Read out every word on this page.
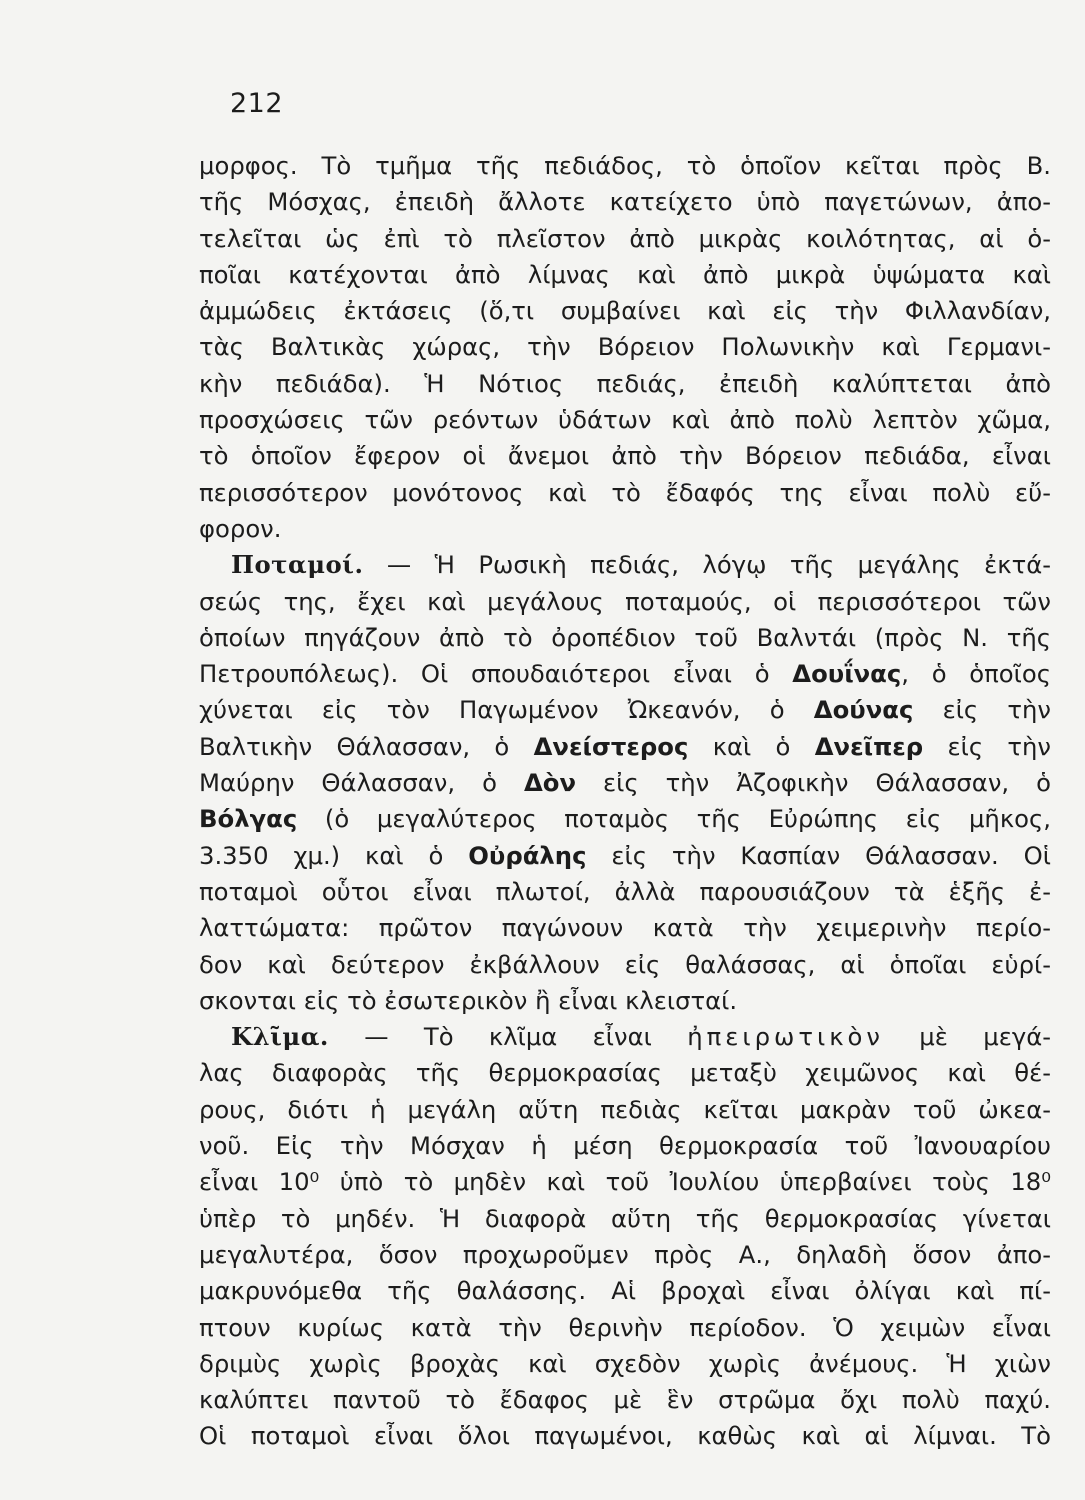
212
μορφος. Τὸ τμῆμα τῆς πεδιάδος, τὸ ὁποῖον κεῖται πρὸς Β.
τῆς Μόσχας, ἐπειδὴ ἄλλοτε κατείχετο ὑπὸ παγετώνων, ἀπο-
τελεῖται ὡς ἐπὶ τὸ πλεῖστον ἀπὸ μικρὰς κοιλότητας, αἱ ὁ-
ποῖαι κατέχονται ἀπὸ λίμνας καὶ ἀπὸ μικρὰ ὑψώματα καὶ
ἀμμώδεις ἐκτάσεις (ὅ,τι συμβαίνει καὶ εἰς τὴν Φιλλανδίαν,
τὰς Βαλτικὰς χώρας, τὴν Βόρειον Πολωνικὴν καὶ Γερμανι-
κὴν πεδιάδα). Ἡ Νότιος πεδιάς, ἐπειδὴ καλύπτεται ἀπὸ
προσχώσεις τῶν ρεόντων ὑδάτων καὶ ἀπὸ πολὺ λεπτὸν χῶμα,
τὸ ὁποῖον ἔφερον οἱ ἄνεμοι ἀπὸ τὴν Βόρειον πεδιάδα, εἶναι
περισσότερον μονότονος καὶ τὸ ἔδαφός της εἶναι πολὺ εὔ-
φορον.
Ποταμοί. — Ἡ Ρωσικὴ πεδιάς, λόγῳ τῆς μεγάλης ἐκτά-
σεώς της, ἔχει καὶ μεγάλους ποταμούς, οἱ περισσότεροι τῶν
ὁποίων πηγάζουν ἀπὸ τὸ ὀροπέδιον τοῦ Βαλντάι (πρὸς Ν. τῆς
Πετρουπόλεως). Οἱ σπουδαιότεροι εἶναι ὁ Δουΐνας, ὁ ὁποῖος
χύνεται εἰς τὸν Παγωμένον Ὠκεανόν, ὁ Δούνας εἰς τὴν
Βαλτικὴν Θάλασσαν, ὁ Δνείστερος καὶ ὁ Δνεῖπερ εἰς τὴν
Μαύρην Θάλασσαν, ὁ Δὸν εἰς τὴν Ἀζοφικὴν Θάλασσαν, ὁ
Βόλγας (ὁ μεγαλύτερος ποταμὸς τῆς Εὐρώπης εἰς μῆκος,
3.350 χμ.) καὶ ὁ Οὐράλης εἰς τὴν Κασπίαν Θάλασσαν. Οἱ
ποταμοὶ οὗτοι εἶναι πλωτοί, ἀλλὰ παρουσιάζουν τὰ ἑξῆς ἐ-
λαττώματα: πρῶτον παγώνουν κατὰ τὴν χειμερινὴν περίο-
δον καὶ δεύτερον ἐκβάλλουν εἰς θαλάσσας, αἱ ὁποῖαι εὑρί-
σκονται εἰς τὸ ἐσωτερικὸν ἢ εἶναι κλεισταί.
Κλῖμα. — Τὸ κλῖμα εἶναι ἠπειρωτικὸν μὲ μεγά-
λας διαφορὰς τῆς θερμοκρασίας μεταξὺ χειμῶνος καὶ θέ-
ρους, διότι ἡ μεγάλη αὕτη πεδιὰς κεῖται μακρὰν τοῦ ὠκεα-
νοῦ. Εἰς τὴν Μόσχαν ἡ μέση θερμοκρασία τοῦ Ἰανουαρίου
εἶναι 10⁰ ὑπὸ τὸ μηδὲν καὶ τοῦ Ἰουλίου ὑπερβαίνει τοὺς 18⁰
ὑπὲρ τὸ μηδέν. Ἡ διαφορὰ αὕτη τῆς θερμοκρασίας γίνεται
μεγαλυτέρα, ὅσον προχωροῦμεν πρὸς Α., δηλαδὴ ὅσον ἀπο-
μακρυνόμεθα τῆς θαλάσσης. Αἱ βροχαὶ εἶναι ὀλίγαι καὶ πί-
πτουν κυρίως κατὰ τὴν θερινὴν περίοδον. Ὁ χειμὼν εἶναι
δριμὺς χωρὶς βροχὰς καὶ σχεδὸν χωρὶς ἀνέμους. Ἡ χιὼν
καλύπτει παντοῦ τὸ ἔδαφος μὲ ἓν στρῶμα ὄχι πολὺ παχύ.
Οἱ ποταμοὶ εἶναι ὅλοι παγωμένοι, καθὼς καὶ αἱ λίμναι. Τὸ
